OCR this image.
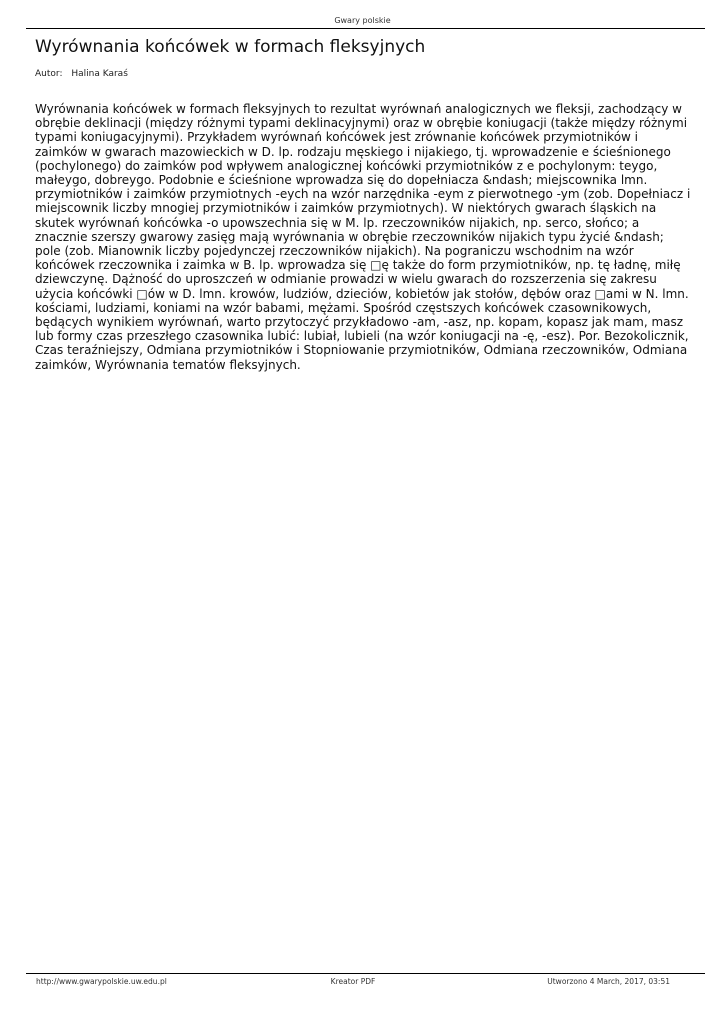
Gwary polskie
Wyrównania końcówek w formach fleksyjnych
Autor: Halina Karaś

Wyrównania końcówek w formach fleksyjnych to rezultat wyrównań analogicznych we fleksji, zachodzący w obrębie deklinacji (między różnymi typami deklinacyjnymi) oraz w obrębie koniugacji (także między różnymi typami koniugacyjnymi). Przykładem wyrównań końcówek jest zrównanie końcówek przymiotników i zaimków w gwarach mazowieckich w D. lp. rodzaju męskiego i nijakiego, tj. wprowadzenie e ścieśnionego (pochylonego) do zaimków pod wpływem analogicznej końcówki przymiotników z e pochylonym: teygo, małeygo, dobreygo. Podobnie e ścieśnione wprowadza się do dopełniacza &ndash; miejscownika lmn. przymiotników i zaimków przymiotnych -eych na wzór narzędnika -eym z pierwotnego -ym (zob. Dopełniacz i miejscownik liczby mnogiej przymiotników i zaimków przymiotnych). W niektórych gwarach śląskich na skutek wyrównań końcówka -o upowszechnia się w M. lp. rzeczowników nijakich, np. serco, słońco; a znacznie szerszy gwarowy zasięg mają wyrównania w obrębie rzeczowników nijakich typu życié &ndash; pole (zob. Mianownik liczby pojedynczej rzeczowników nijakich). Na pograniczu wschodnim na wzór końcówek rzeczownika i zaimka w B. lp. wprowadza się □ę także do form przymiotników, np. tę ładnę, miłę dziewczynę. Dążność do uproszczeń w odmianie prowadzi w wielu gwarach do rozszerzenia się zakresu użycia końcówki □ów w D. lmn. krowów, ludziów, dzieciów, kobietów jak stołów, dębów oraz □ami w N. lmn. kościami, ludziami, koniami na wzór babami, mężami. Spośród częstszych końcówek czasownikowych, będących wynikiem wyrównań, warto przytoczyć przykładowo -am, -asz, np. kopam, kopasz jak mam, masz lub formy czas przeszłego czasownika lubić: lubiał, lubieli (na wzór koniugacji na -ę, -esz). Por. Bezokolicznik, Czas teraźniejszy, Odmiana przymiotników i Stopniowanie przymiotników, Odmiana rzeczowników, Odmiana zaimków, Wyrównania tematów fleksyjnych.

http://www.gwarypolskie.uw.edu.pl	Kreator PDF	Utworzono 4 March, 2017, 03:51
